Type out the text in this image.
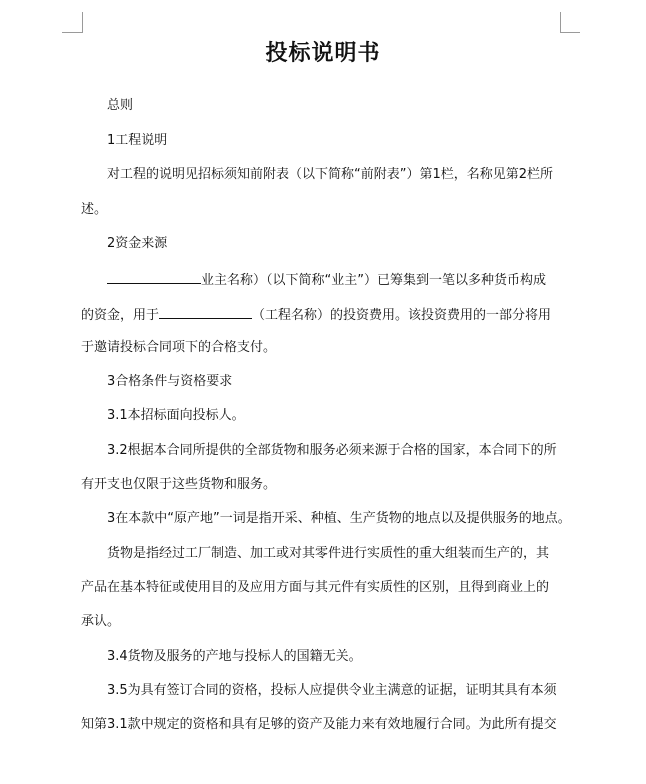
投标说明书
总则
1工程说明
对工程的说明见招标须知前附表（以下简称“前附表”）第1栏，名称见第2栏所
述。
2资金来源
业主名称）（以下简称“业主”）已筹集到一笔以多种货币构成
的资金，用于	（工程名称）的投资费用。该投资费用的一部分将用
于邀请投标合同项下的合格支付。
3合格条件与资格要求
3.1本招标面向投标人。
3.2根据本合同所提供的全部货物和服务必须来源于合格的国家，本合同下的所
有开支也仅限于这些货物和服务。
3在本款中“原产地”一词是指开采、种植、生产货物的地点以及提供服务的地点。
货物是指经过工厂制造、加工或对其零件进行实质性的重大组装而生产的，其
产品在基本特征或使用目的及应用方面与其元件有实质性的区别，且得到商业上的
承认。
3.4货物及服务的产地与投标人的国籍无关。
3.5为具有签订合同的资格，投标人应提供令业主满意的证据，证明其具有本须
知第3.1款中规定的资格和具有足够的资产及能力来有效地履行合同。为此所有提交
